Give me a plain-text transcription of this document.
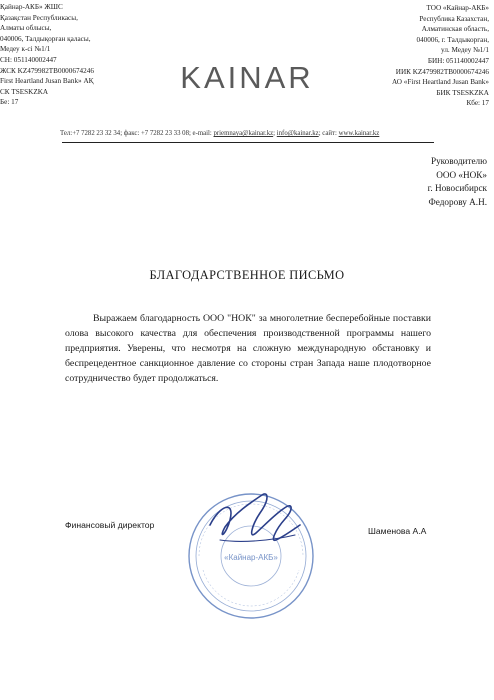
Қайнар-АКБ» ЖШС
Қазақстан Республикасы,
Алматы облысы,
040006, Талдықорған қаласы,
Медеу к-сі №1/1
СН: 051140002447
ЖСК KZ479982TB0000674246
First Heartland Jusan Bank» АҚ
СК TSESKZKA
Бе: 17
KAINAR
ТОО «Кайнар-АКБ»
Республика Казахстан,
Алматинская область,
040006, г. Талдыкорган,
ул. Медеу №1/1
БИН: 051140002447
ИИК KZ479982TB0000674246
АО «First Heartland Jusan Bank»
БИК TSESKZKA
Кбе: 17
Тел:+7 7282 23 32 34; факс: +7 7282 23 33 08; e-mail: priemnaya@kainar.kz; info@kainar.kz; сайт: www.kainar.kz
Руководителю
ООО «НОК»
г. Новосибирск
Федорову А.Н.
БЛАГОДАРСТВЕННОЕ ПИСЬМО
Выражаем благодарность ООО "НОК" за многолетние бесперебойные поставки олова высокого качества для обеспечения производственной программы нашего предприятия. Уверены, что несмотря на сложную международную обстановку и беспрецедентное санкционное давление со стороны стран Запада наше плодотворное сотрудничество будет продолжаться.
«Кайнар-АКБ»
Финансовый директор
Шаменова А.А
